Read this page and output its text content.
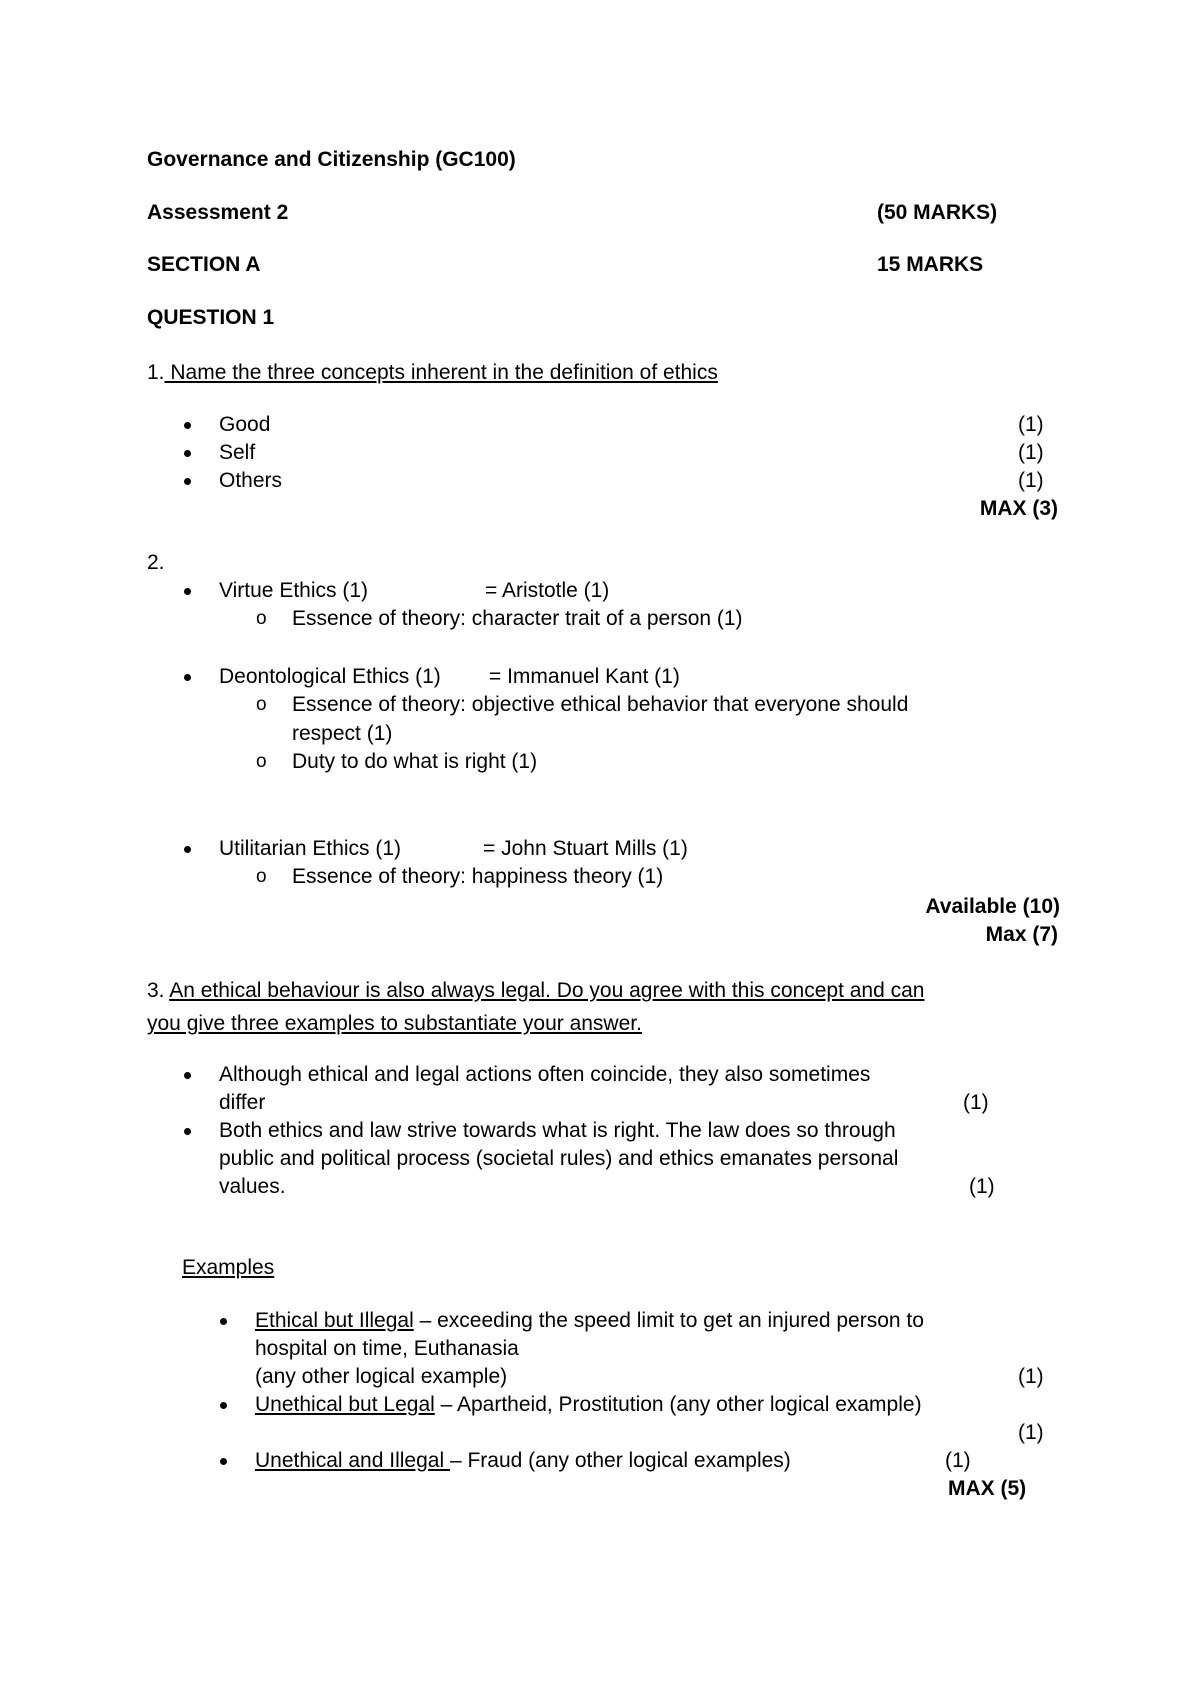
Governance and Citizenship (GC100)
Assessment 2	(50 MARKS)
SECTION A	15 MARKS
QUESTION 1
1. Name the three concepts inherent in the definition of ethics
Good	(1)
Self	(1)
Others	(1)
MAX (3)
2.
Virtue Ethics (1)	= Aristotle (1)
o Essence of theory: character trait of a person (1)
Deontological Ethics (1) = Immanuel Kant (1)
o Essence of theory: objective ethical behavior that everyone should
respect (1)
o Duty to do what is right (1)
Utilitarian Ethics (1)	= John Stuart Mills (1)
o Essence of theory: happiness theory (1)
Available (10)
Max (7)
3. An ethical behaviour is also always legal. Do you agree with this concept and can
you give three examples to substantiate your answer.
Although ethical and legal actions often coincide, they also sometimes
differ	(1)
Both ethics and law strive towards what is right. The law does so through
public and political process (societal rules) and ethics emanates personal
values.	(1)
Examples
Ethical but Illegal – exceeding the speed limit to get an injured person to
hospital on time, Euthanasia
(any other logical example)	(1)
Unethical but Legal – Apartheid, Prostitution (any other logical example)
(1)
Unethical and Illegal – Fraud (any other logical examples)	(1)
MAX (5)
